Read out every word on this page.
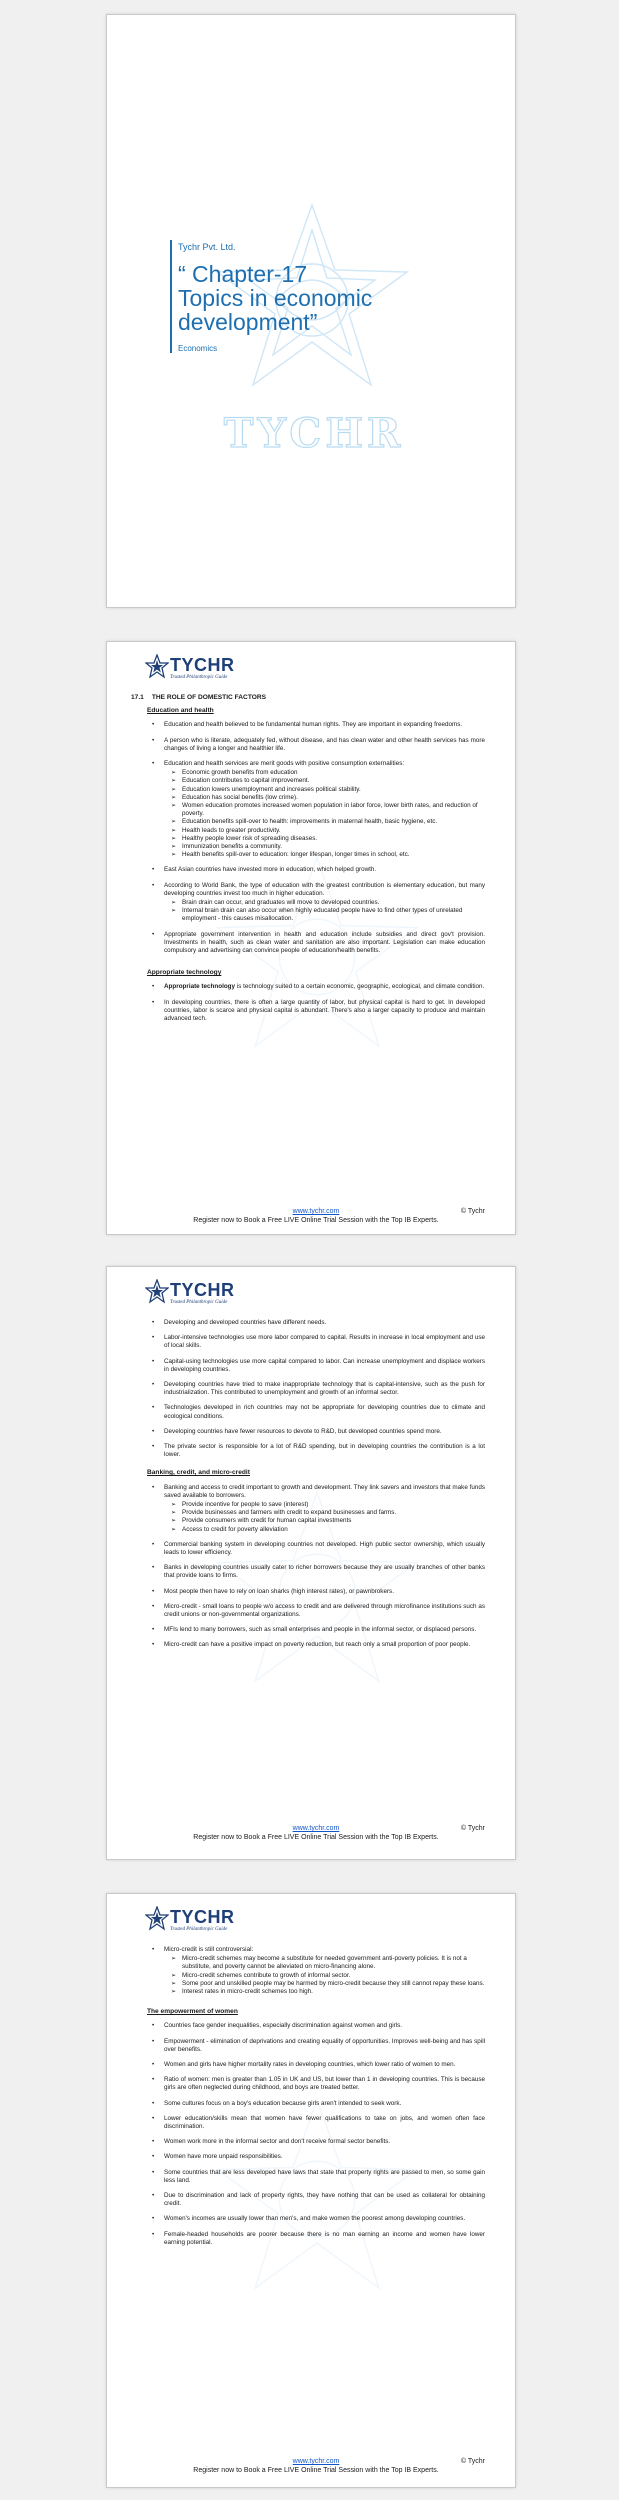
Tychr Pvt. Ltd.
“ Chapter-17
Topics in economic
development”
Economics
TYCHR
TYCHR
Trusted Philanthropic Guide
17.1 THE ROLE OF DOMESTIC FACTORS
Education and health
• Education and health believed to be fundamental human rights. They are important in expanding freedoms.
• A person who is literate, adequately fed, without disease, and has clean water and other health services has more changes of living a longer and healthier life.
• Education and health services are merit goods with positive consumption externalities:
➢ Economic growth benefits from education
➢ Education contributes to capital improvement.
➢ Education lowers unemployment and increases political stability.
➢ Education has social benefits (low crime).
➢ Women education promotes increased women population in labor force, lower birth rates, and reduction of poverty.
➢ Education benefits spill-over to health: improvements in maternal health, basic hygiene, etc.
➢ Health leads to greater productivity.
➢ Healthy people lower risk of spreading diseases.
➢ Immunization benefits a community.
➢ Health benefits spill-over to education: longer lifespan, longer times in school, etc.
• East Asian countries have invested more in education, which helped growth.
• According to World Bank, the type of education with the greatest contribution is elementary education, but many developing countries invest too much in higher education.
➢ Brain drain can occur, and graduates will move to developed countries.
➢ Internal brain drain can also occur when highly educated people have to find other types of unrelated employment - this causes misallocation.
• Appropriate government intervention in health and education include subsidies and direct gov't provision. Investments in health, such as clean water and sanitation are also important. Legislation can make education compulsory and advertising can convince people of education/health benefits.
Appropriate technology
• Appropriate technology is technology suited to a certain economic, geographic, ecological, and climate condition.
• In developing countries, there is often a large quantity of labor, but physical capital is hard to get. In developed countries, labor is scarce and physical capital is abundant. There's also a larger capacity to produce and maintain advanced tech.
www.tychr.com	© Tychr
Register now to Book a Free LIVE Online Trial Session with the Top IB Experts.
TYCHR
Trusted Philanthropic Guide
• Developing and developed countries have different needs.
• Labor-intensive technologies use more labor compared to capital. Results in increase in local employment and use of local skills.
• Capital-using technologies use more capital compared to labor. Can increase unemployment and displace workers in developing countries.
• Developing countries have tried to make inappropriate technology that is capital-intensive, such as the push for industrialization. This contributed to unemployment and growth of an informal sector.
• Technologies developed in rich countries may not be appropriate for developing countries due to climate and ecological conditions.
• Developing countries have fewer resources to devote to R&D, but developed countries spend more.
• The private sector is responsible for a lot of R&D spending, but in developing countries the contribution is a lot lower.
Banking, credit, and micro-credit
• Banking and access to credit important to growth and development. They link savers and investors that make funds saved available to borrowers.
➢ Provide incentive for people to save (interest)
➢ Provide businesses and farmers with credit to expand businesses and farms.
➢ Provide consumers with credit for human capital investments
➢ Access to credit for poverty alleviation
• Commercial banking system in developing countries not developed. High public sector ownership, which usually leads to lower efficiency.
• Banks in developing countries usually cater to richer borrowers because they are usually branches of other banks that provide loans to firms.
• Most people then have to rely on loan sharks (high interest rates), or pawnbrokers.
• Micro-credit - small loans to people w/o access to credit and are delivered through microfinance institutions such as credit unions or non-governmental organizations.
• MFIs lend to many borrowers, such as small enterprises and people in the informal sector, or displaced persons.
• Micro-credit can have a positive impact on poverty reduction, but reach only a small proportion of poor people.
www.tychr.com	© Tychr
Register now to Book a Free LIVE Online Trial Session with the Top IB Experts.
TYCHR
Trusted Philanthropic Guide
• Micro-credit is still controversial:
➢ Micro-credit schemes may become a substitute for needed government anti-poverty policies. It is not a substitute, and poverty cannot be alleviated on micro-financing alone.
➢ Micro-credit schemes contribute to growth of informal sector.
➢ Some poor and unskilled people may be harmed by micro-credit because they still cannot repay these loans.
➢ Interest rates in micro-credit schemes too high.
The empowerment of women
• Countries face gender inequalities, especially discrimination against women and girls.
• Empowerment - elimination of deprivations and creating equality of opportunities. Improves well-being and has spill over benefits.
• Women and girls have higher mortality rates in developing countries, which lower ratio of women to men.
• Ratio of women: men is greater than 1.05 in UK and US, but lower than 1 in developing countries. This is because girls are often neglected during childhood, and boys are treated better.
• Some cultures focus on a boy's education because girls aren't intended to seek work.
• Lower education/skills mean that women have fewer qualifications to take on jobs, and women often face discrimination.
• Women work more in the informal sector and don't receive formal sector benefits.
• Women have more unpaid responsibilities.
• Some countries that are less developed have laws that state that property rights are passed to men, so some gain less land.
• Due to discrimination and lack of property rights, they have nothing that can be used as collateral for obtaining credit.
• Women's incomes are usually lower than men's, and make women the poorest among developing countries.
• Female-headed households are poorer because there is no man earning an income and women have lower earning potential.
www.tychr.com	© Tychr
Register now to Book a Free LIVE Online Trial Session with the Top IB Experts.
